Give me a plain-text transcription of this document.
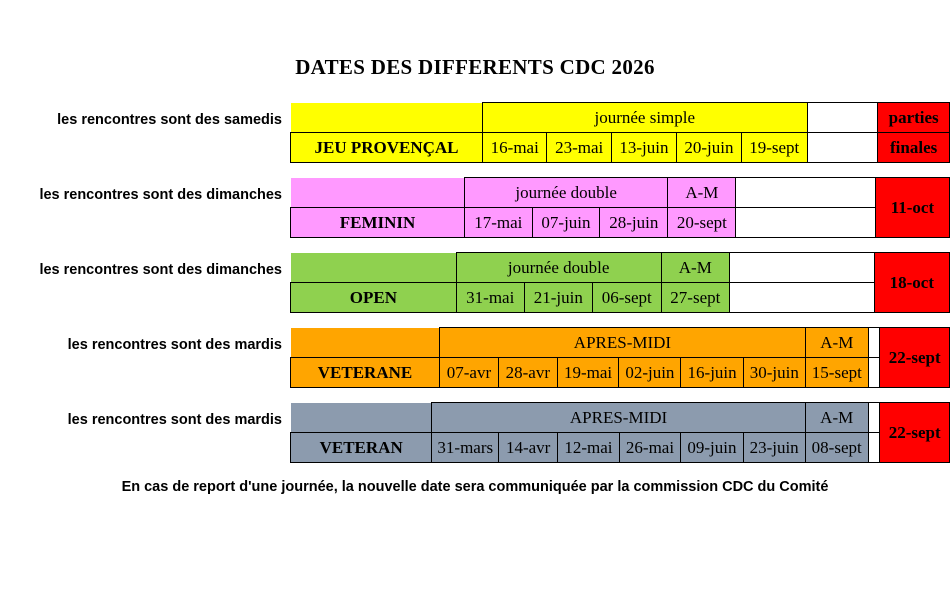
DATES DES DIFFERENTS CDC 2026
les rencontres sont des samedis
		journée simple						parties
JEU PROVENÇAL	16-mai	23-mai	13-juin	20-juin	19-sept		finales
les rencontres sont des dimanches
		journée double			A-M		11-oct
FEMININ	17-mai	07-juin	28-juin	20-sept		
les rencontres sont des dimanches
		journée double			A-M		18-oct
OPEN	31-mai	21-juin	06-sept	27-sept		
les rencontres sont des mardis
		APRES-MIDI						A-M		22-sept
VETERANE	07-avr	28-avr	19-mai	02-juin	16-juin	30-juin	15-sept		
les rencontres sont des mardis
		APRES-MIDI						A-M		22-sept
VETERAN	31-mars	14-avr	12-mai	26-mai	09-juin	23-juin	08-sept		
En cas de report d'une journée, la nouvelle date sera communiquée par la commission CDC du Comité
